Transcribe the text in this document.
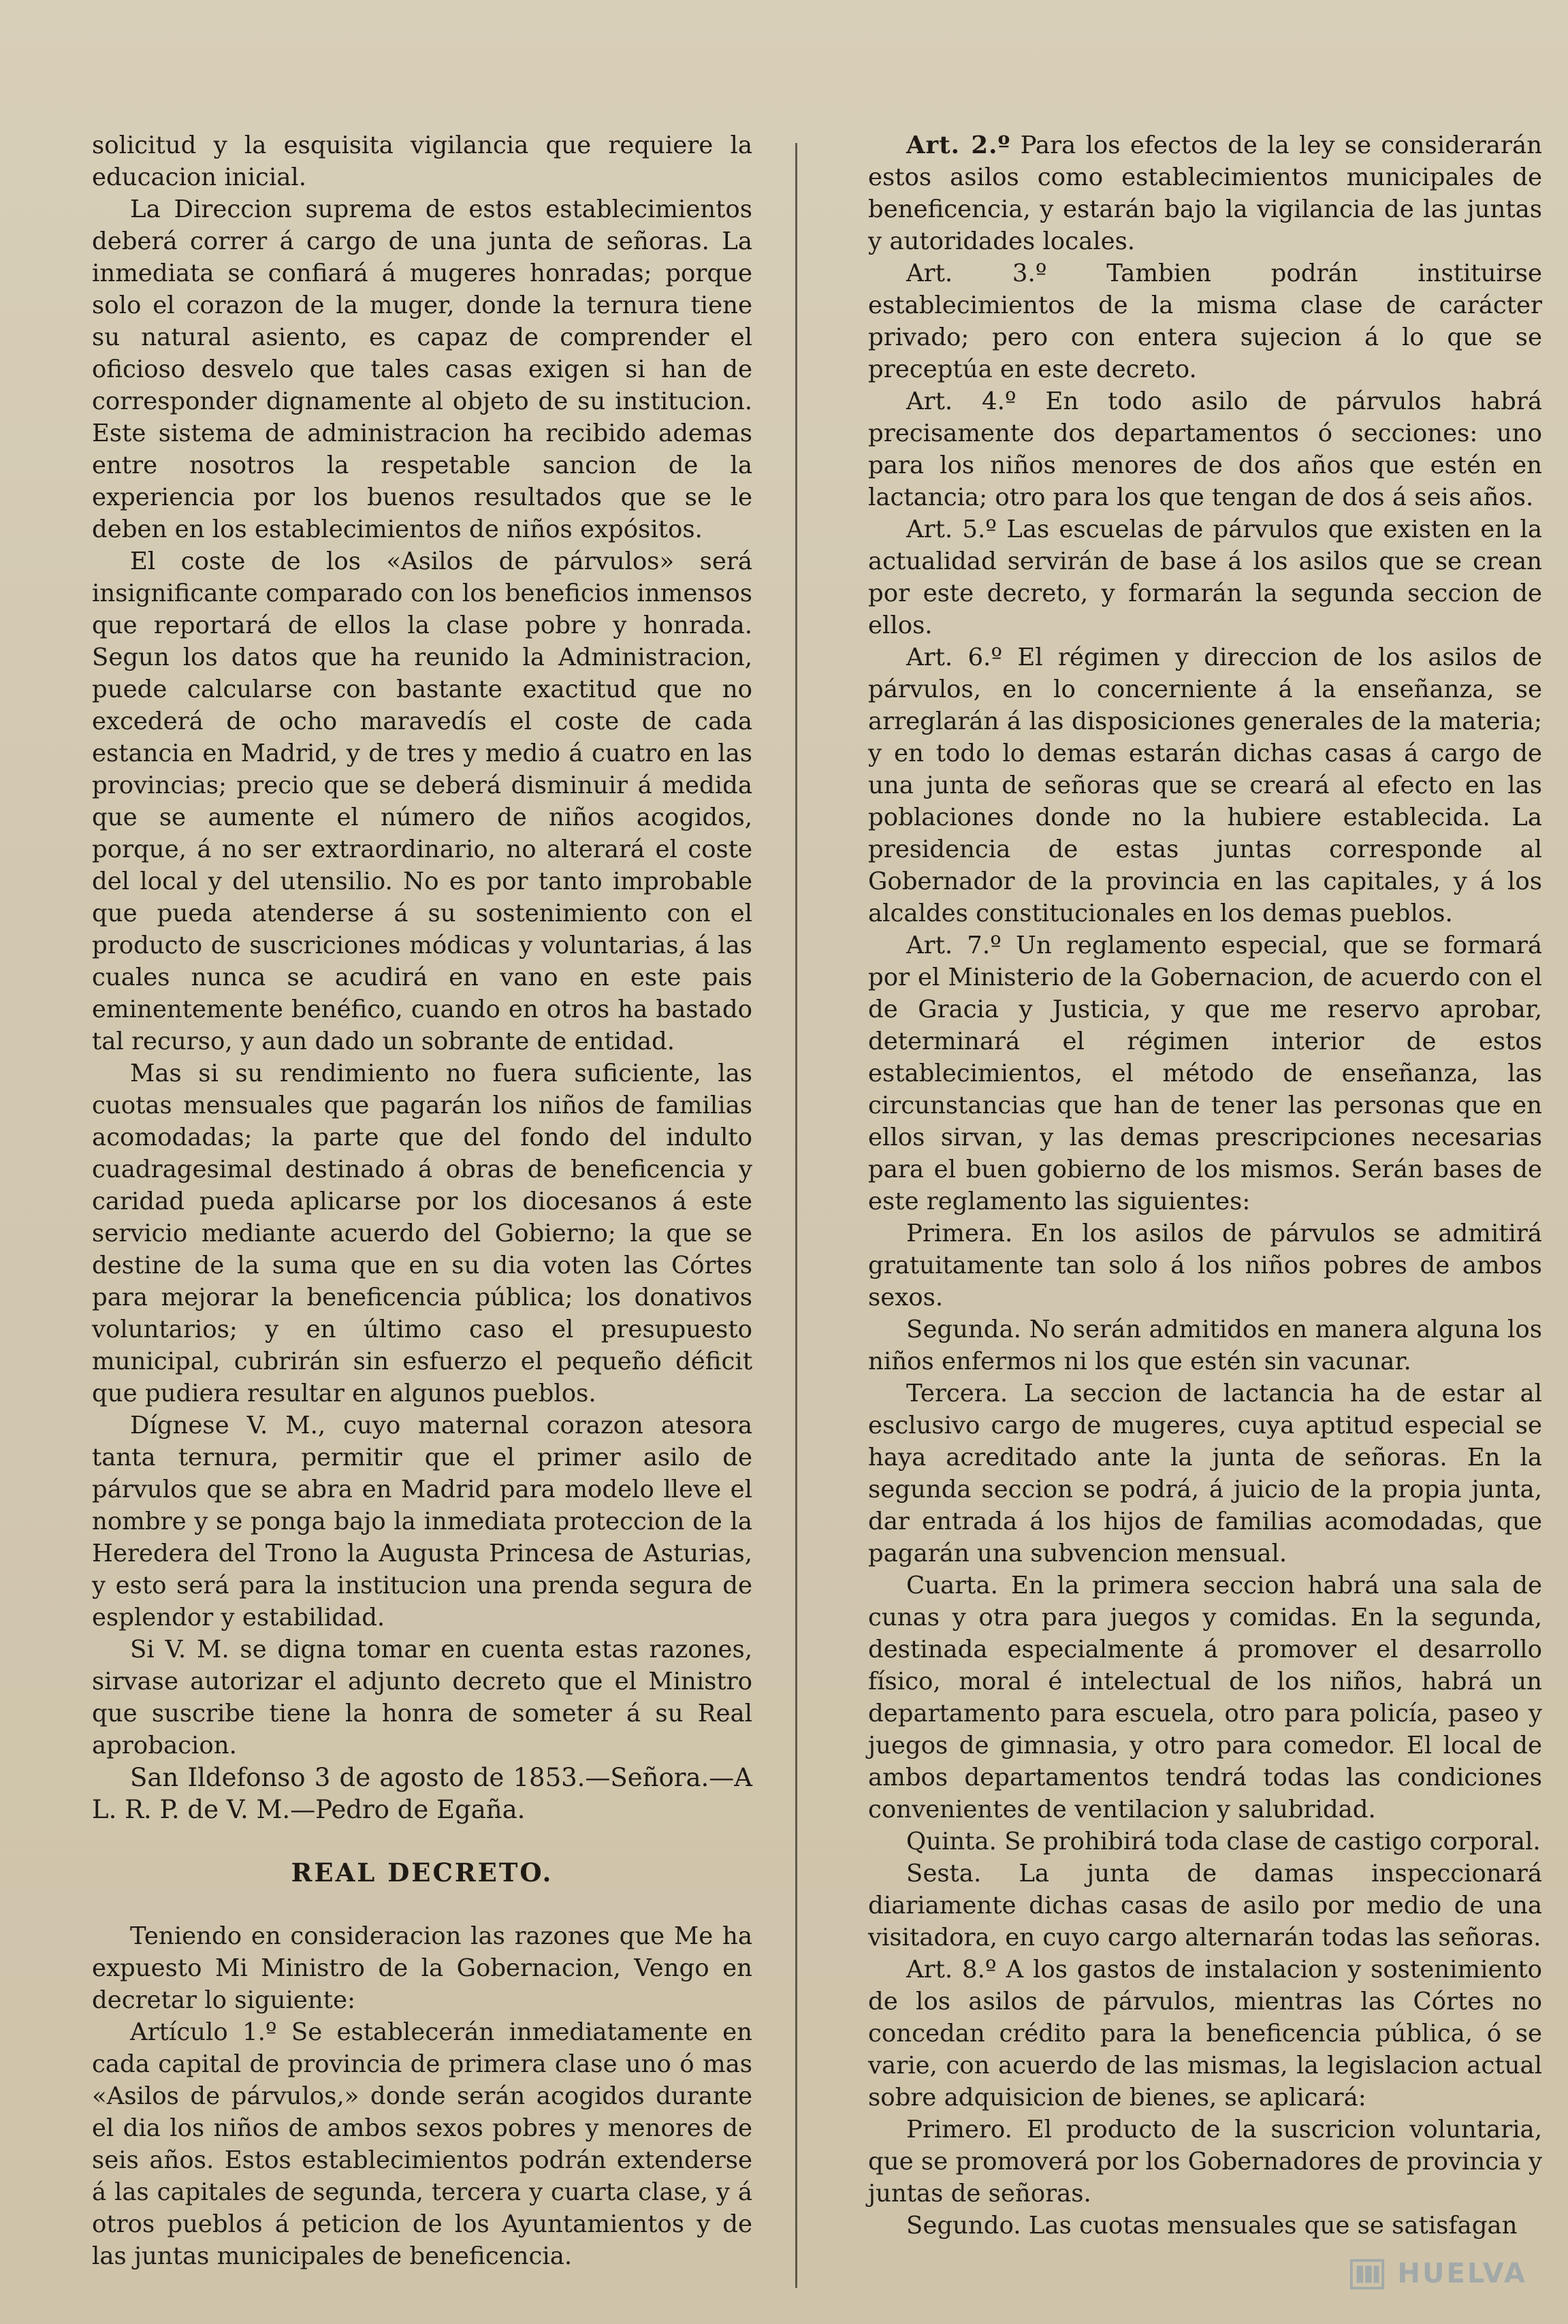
solicitud y la esquisita vigilancia que requiere la educacion inicial.

La Direccion suprema de estos establecimientos deberá correr á cargo de una junta de señoras. La inmediata se confiará á mugeres honradas; porque solo el corazon de la muger, donde la ternura tiene su natural asiento, es capaz de comprender el oficioso desvelo que tales casas exigen si han de corresponder dignamente al objeto de su institucion. Este sistema de administracion ha recibido ademas entre nosotros la respetable sancion de la experiencia por los buenos resultados que se le deben en los establecimientos de niños expósitos.

El coste de los «Asilos de párvulos» será insignificante comparado con los beneficios inmensos que reportará de ellos la clase pobre y honrada. Segun los datos que ha reunido la Administracion, puede calcularse con bastante exactitud que no excederá de ocho maravedís el coste de cada estancia en Madrid, y de tres y medio á cuatro en las provincias; precio que se deberá disminuir á medida que se aumente el número de niños acogidos, porque, á no ser extraordinario, no alterará el coste del local y del utensilio. No es por tanto improbable que pueda atenderse á su sostenimiento con el producto de suscriciones módicas y voluntarias, á las cuales nunca se acudirá en vano en este pais eminentemente benéfico, cuando en otros ha bastado tal recurso, y aun dado un sobrante de entidad.

Mas si su rendimiento no fuera suficiente, las cuotas mensuales que pagarán los niños de familias acomodadas; la parte que del fondo del indulto cuadragesimal destinado á obras de beneficencia y caridad pueda aplicarse por los diocesanos á este servicio mediante acuerdo del Gobierno; la que se destine de la suma que en su dia voten las Córtes para mejorar la beneficencia pública; los donativos voluntarios; y en último caso el presupuesto municipal, cubrirán sin esfuerzo el pequeño déficit que pudiera resultar en algunos pueblos.

Dígnese V. M., cuyo maternal corazon atesora tanta ternura, permitir que el primer asilo de párvulos que se abra en Madrid para modelo lleve el nombre y se ponga bajo la inmediata proteccion de la Heredera del Trono la Augusta Princesa de Asturias, y esto será para la institucion una prenda segura de esplendor y estabilidad.

Si V. M. se digna tomar en cuenta estas razones, sirvase autorizar el adjunto decreto que el Ministro que suscribe tiene la honra de someter á su Real aprobacion.

San Ildefonso 3 de agosto de 1853.—Señora.—A L. R. P. de V. M.—Pedro de Egaña.

REAL DECRETO.

Teniendo en consideracion las razones que Me ha expuesto Mi Ministro de la Gobernacion, Vengo en decretar lo siguiente:

Artículo 1.º Se establecerán inmediatamente en cada capital de provincia de primera clase uno ó mas «Asilos de párvulos,» donde serán acogidos durante el dia los niños de ambos sexos pobres y menores de seis años. Estos establecimientos podrán extenderse á las capitales de segunda, tercera y cuarta clase, y á otros pueblos á peticion de los Ayuntamientos y de las juntas municipales de beneficencia.

Art. 2.º Para los efectos de la ley se considerarán estos asilos como establecimientos municipales de beneficencia, y estarán bajo la vigilancia de las juntas y autoridades locales.

Art. 3.º Tambien podrán instituirse establecimientos de la misma clase de carácter privado; pero con entera sujecion á lo que se preceptúa en este decreto.

Art. 4.º En todo asilo de párvulos habrá precisamente dos departamentos ó secciones: uno para los niños menores de dos años que estén en lactancia; otro para los que tengan de dos á seis años.

Art. 5.º Las escuelas de párvulos que existen en la actualidad servirán de base á los asilos que se crean por este decreto, y formarán la segunda seccion de ellos.

Art. 6.º El régimen y direccion de los asilos de párvulos, en lo concerniente á la enseñanza, se arreglarán á las disposiciones generales de la materia; y en todo lo demas estarán dichas casas á cargo de una junta de señoras que se creará al efecto en las poblaciones donde no la hubiere establecida. La presidencia de estas juntas corresponde al Gobernador de la provincia en las capitales, y á los alcaldes constitucionales en los demas pueblos.

Art. 7.º Un reglamento especial, que se formará por el Ministerio de la Gobernacion, de acuerdo con el de Gracia y Justicia, y que me reservo aprobar, determinará el régimen interior de estos establecimientos, el método de enseñanza, las circunstancias que han de tener las personas que en ellos sirvan, y las demas prescripciones necesarias para el buen gobierno de los mismos. Serán bases de este reglamento las siguientes:

Primera. En los asilos de párvulos se admitirá gratuitamente tan solo á los niños pobres de ambos sexos.

Segunda. No serán admitidos en manera alguna los niños enfermos ni los que estén sin vacunar.

Tercera. La seccion de lactancia ha de estar al esclusivo cargo de mugeres, cuya aptitud especial se haya acreditado ante la junta de señoras. En la segunda seccion se podrá, á juicio de la propia junta, dar entrada á los hijos de familias acomodadas, que pagarán una subvencion mensual.

Cuarta. En la primera seccion habrá una sala de cunas y otra para juegos y comidas. En la segunda, destinada especialmente á promover el desarrollo físico, moral é intelectual de los niños, habrá un departamento para escuela, otro para policía, paseo y juegos de gimnasia, y otro para comedor. El local de ambos departamentos tendrá todas las condiciones convenientes de ventilacion y salubridad.

Quinta. Se prohibirá toda clase de castigo corporal.

Sesta. La junta de damas inspeccionará diariamente dichas casas de asilo por medio de una visitadora, en cuyo cargo alternarán todas las señoras.

Art. 8.º A los gastos de instalacion y sostenimiento de los asilos de párvulos, mientras las Córtes no concedan crédito para la beneficencia pública, ó se varie, con acuerdo de las mismas, la legislacion actual sobre adquisicion de bienes, se aplicará:

Primero. El producto de la suscricion voluntaria, que se promoverá por los Gobernadores de provincia y juntas de señoras.

Segundo. Las cuotas mensuales que se satisfagan

HUELVA
